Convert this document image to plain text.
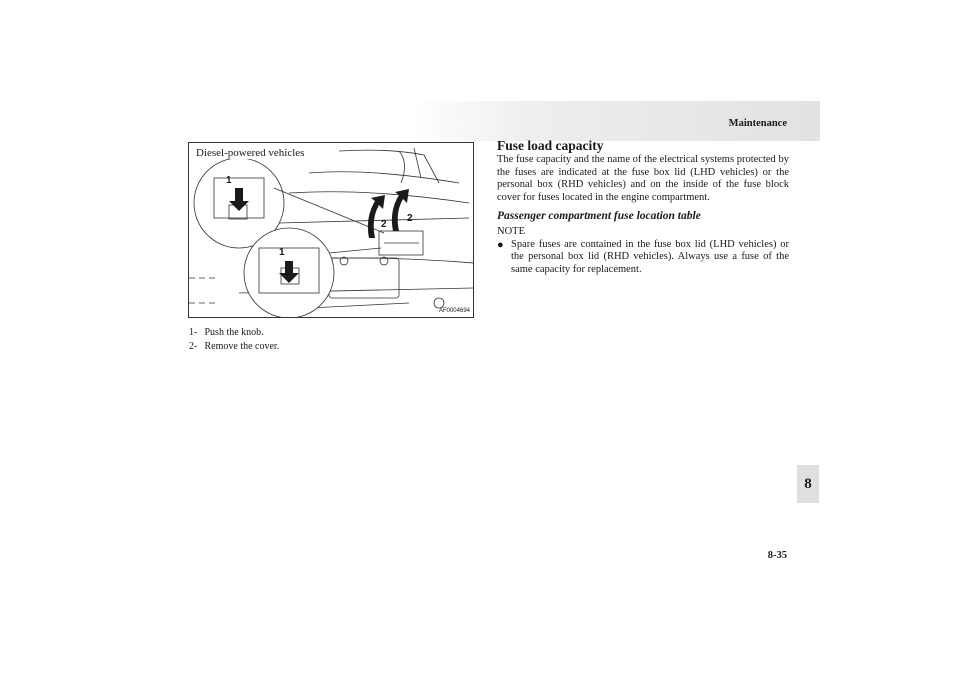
Maintenance
1
1
2
2
Diesel-powered vehicles
AF0004694
1- Push the knob.
2- Remove the cover.
Fuse load capacity

The fuse capacity and the name of the electrical systems protected by the fuses are indicated at the fuse box lid (LHD vehicles) or the personal box (RHD vehicles) and on the inside of the fuse block cover for fuses located in the engine compartment.

Passenger compartment fuse location table
NOTE
● Spare fuses are contained in the fuse box lid (LHD vehicles) or the personal box lid (RHD vehicles). Always use a fuse of the same capacity for replacement.
8
8-35
